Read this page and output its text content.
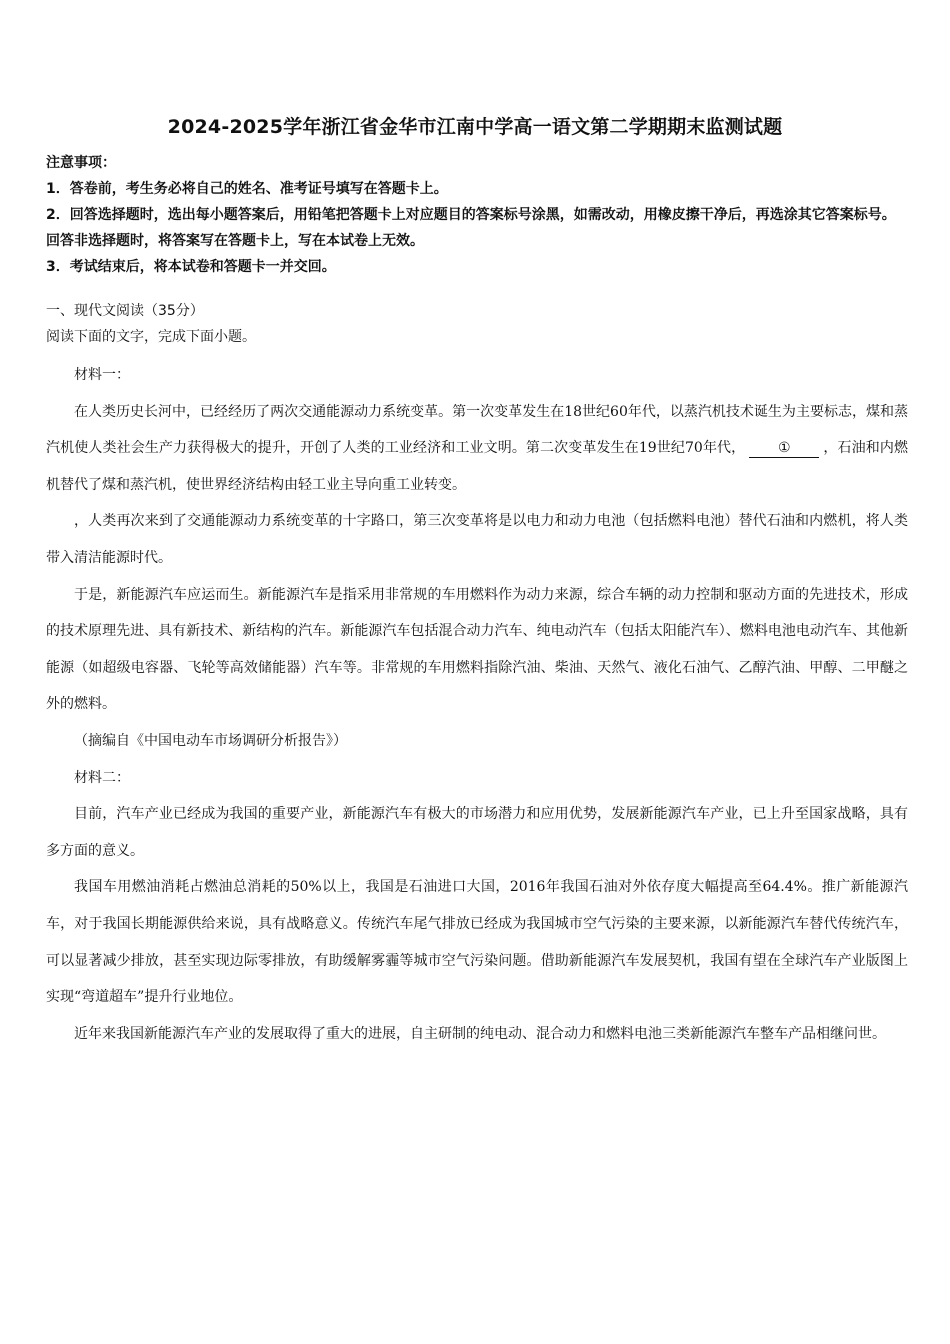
2024-2025学年浙江省金华市江南中学高一语文第二学期期末监测试题

注意事项：

1．答卷前，考生务必将自己的姓名、准考证号填写在答题卡上。

2．回答选择题时，选出每小题答案后，用铅笔把答题卡上对应题目的答案标号涂黑，如需改动，用橡皮擦干净后，再选涂其它答案标号。回答非选择题时，将答案写在答题卡上，写在本试卷上无效。

3．考试结束后，将本试卷和答题卡一并交回。

一、现代文阅读（35分）

阅读下面的文字，完成下面小题。

材料一：

在人类历史长河中，已经经历了两次交通能源动力系统变革。第一次变革发生在18世纪60年代，以蒸汽机技术诞生为主要标志，煤和蒸汽机使人类社会生产力获得极大的提升，开创了人类的工业经济和工业文明。第二次变革发生在19世纪70年代， ① ，石油和内燃机替代了煤和蒸汽机，使世界经济结构由轻工业主导向重工业转变。

，人类再次来到了交通能源动力系统变革的十字路口，第三次变革将是以电力和动力电池（包括燃料电池）替代石油和内燃机，将人类带入清洁能源时代。

于是，新能源汽车应运而生。新能源汽车是指采用非常规的车用燃料作为动力来源，综合车辆的动力控制和驱动方面的先进技术，形成的技术原理先进、具有新技术、新结构的汽车。新能源汽车包括混合动力汽车、纯电动汽车（包括太阳能汽车）、燃料电池电动汽车、其他新能源（如超级电容器、飞轮等高效储能器）汽车等。非常规的车用燃料指除汽油、柴油、天然气、液化石油气、乙醇汽油、甲醇、二甲醚之外的燃料。

（摘编自《中国电动车市场调研分析报告》）

材料二：

目前，汽车产业已经成为我国的重要产业，新能源汽车有极大的市场潜力和应用优势，发展新能源汽车产业，已上升至国家战略，具有多方面的意义。

我国车用燃油消耗占燃油总消耗的50%以上，我国是石油进口大国，2016年我国石油对外依存度大幅提高至64.4%。推广新能源汽车，对于我国长期能源供给来说，具有战略意义。传统汽车尾气排放已经成为我国城市空气污染的主要来源，以新能源汽车替代传统汽车，可以显著减少排放，甚至实现边际零排放，有助缓解雾霾等城市空气污染问题。借助新能源汽车发展契机，我国有望在全球汽车产业版图上实现“弯道超车”提升行业地位。

近年来我国新能源汽车产业的发展取得了重大的进展，自主研制的纯电动、混合动力和燃料电池三类新能源汽车整车产品相继问世。
